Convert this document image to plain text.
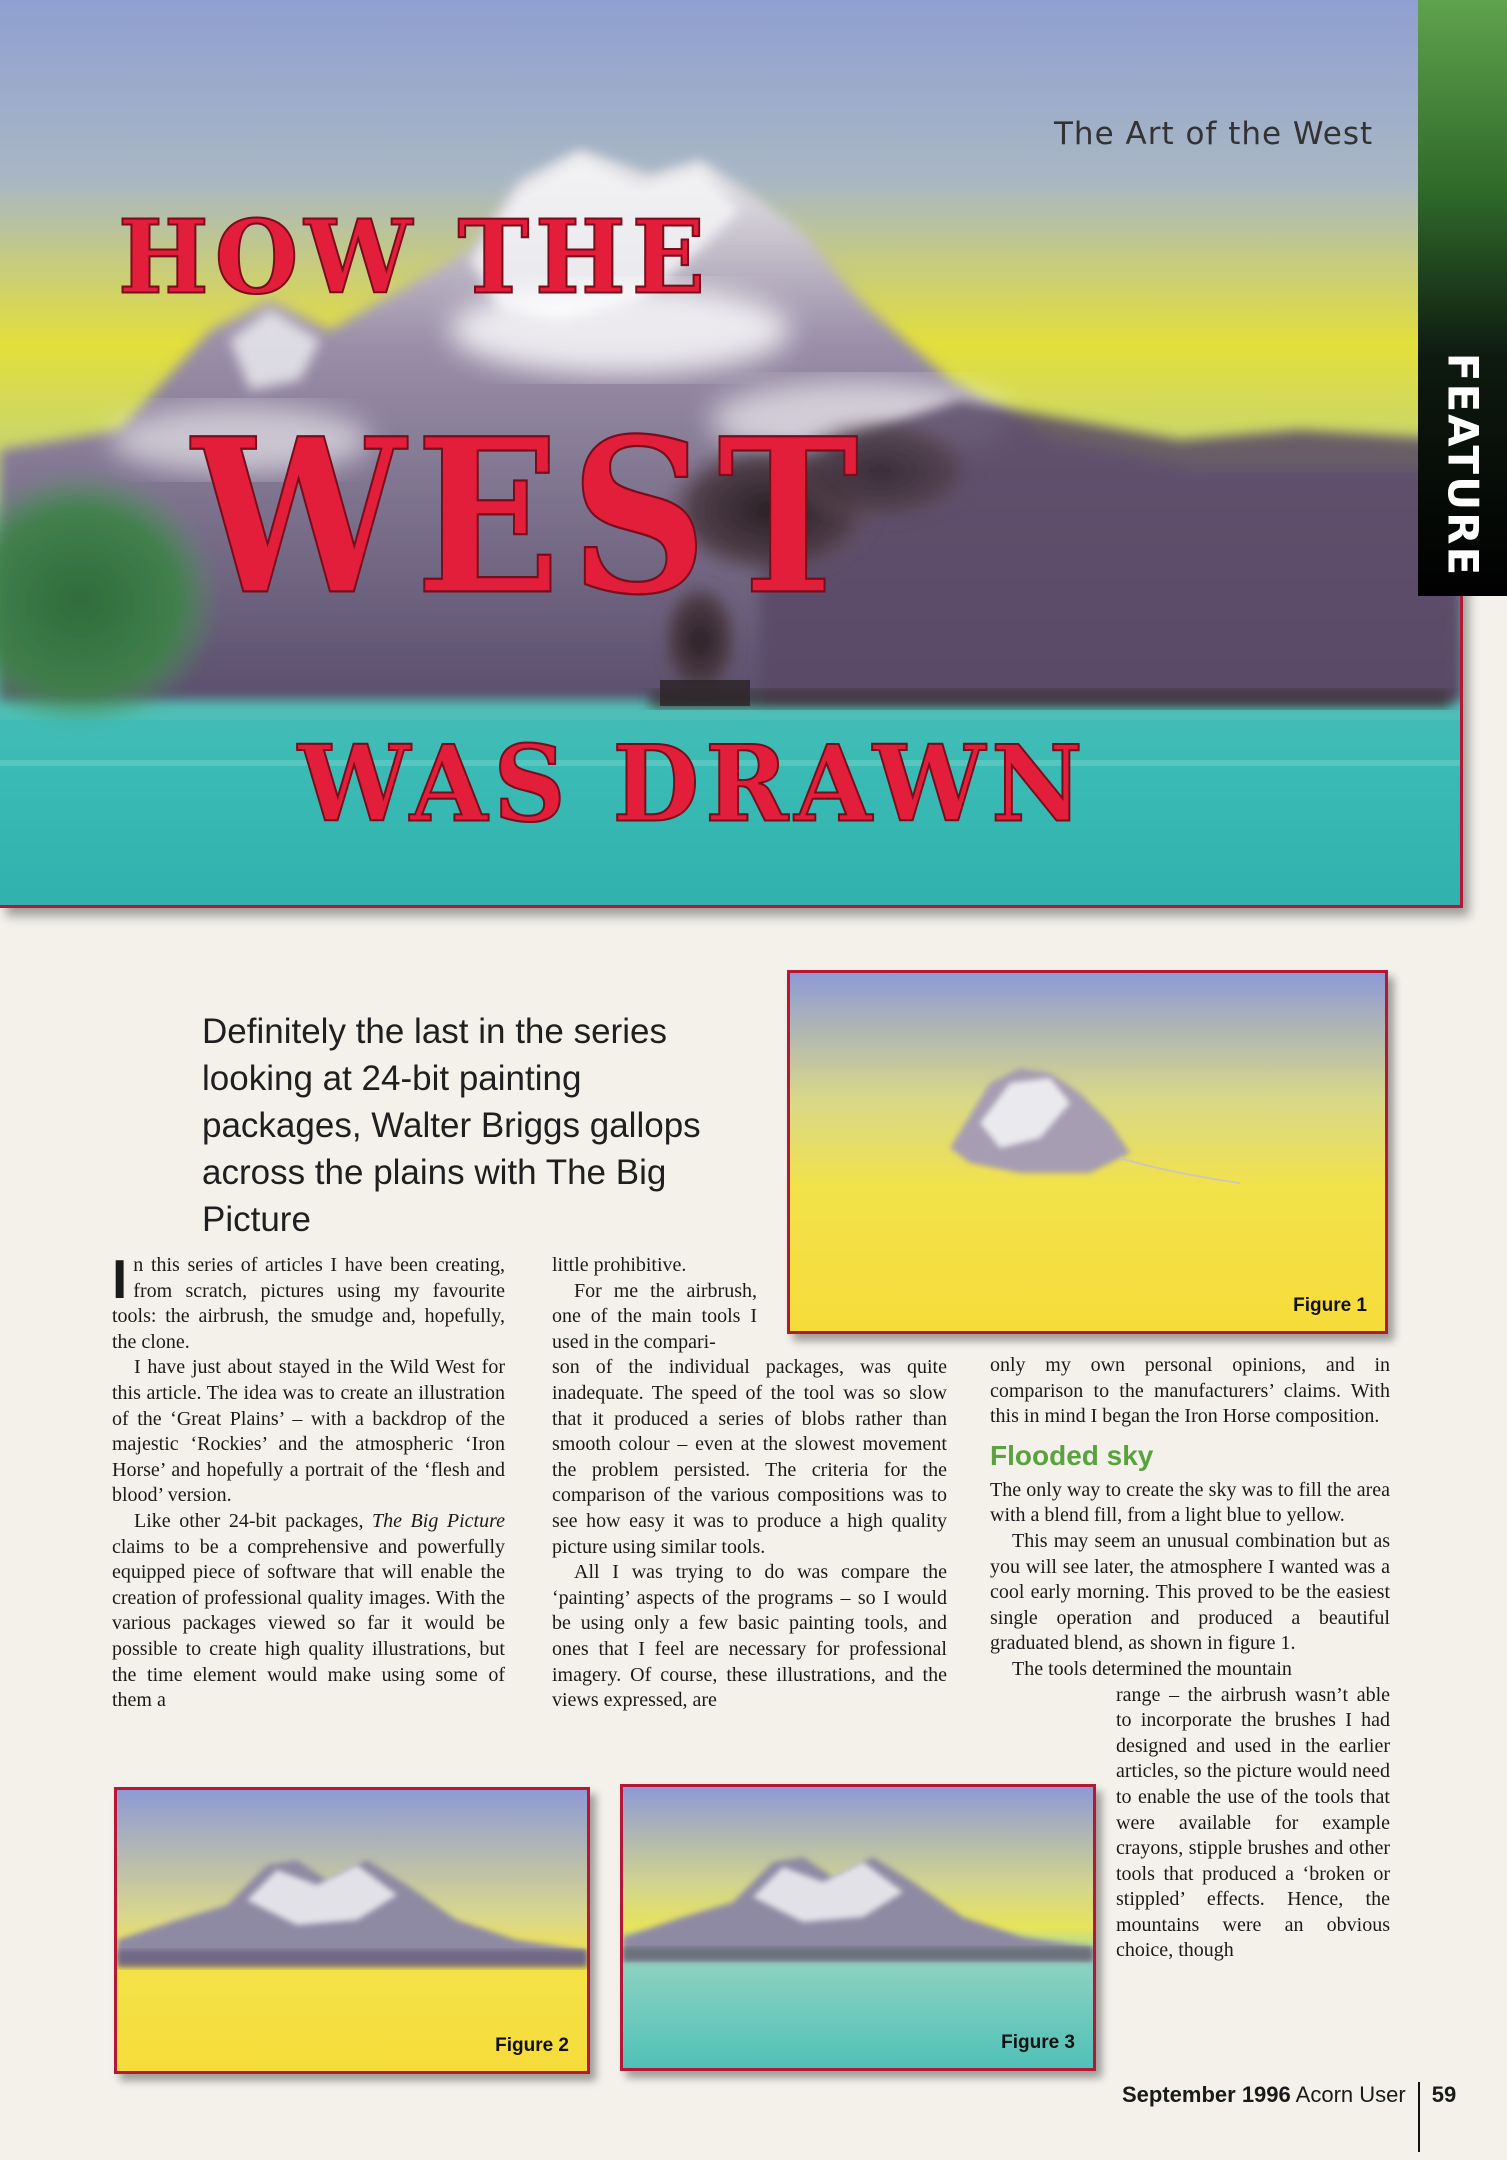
The Art of the West
HOW THE
WEST
WAS DRAWN
FEATURE
Definitely the last in the series looking at 24-bit painting packages, Walter Briggs gallops across the plains with The Big Picture
Figure 1
Figure 2	Figure 3

In this series of articles I have been creating, from scratch, pictures using my favourite tools: the airbrush, the smudge and, hopefully, the clone.

I have just about stayed in the Wild West for this article. The idea was to create an illustration of the ‘Great Plains’ – with a backdrop of the majestic ‘Rockies’ and the atmospheric ‘Iron Horse’ and hopefully a portrait of the ‘flesh and blood’ version.

Like other 24-bit packages, The Big Picture claims to be a comprehensive and powerfully equipped piece of software that will enable the creation of professional quality images. With the various packages viewed so far it would be possible to create high quality illustrations, but the time element would make using some of them a

little prohibitive.

For me the airbrush, one of the main tools I used in the compari-

son of the individual packages, was quite inadequate. The speed of the tool was so slow that it produced a series of blobs rather than smooth colour – even at the slowest movement the problem persisted. The criteria for the comparison of the various compositions was to see how easy it was to produce a high quality picture using similar tools.

All I was trying to do was compare the ‘painting’ aspects of the programs – so I would be using only a few basic painting tools, and ones that I feel are necessary for professional imagery. Of course, these illustrations, and the views expressed, are

only my own personal opinions, and in comparison to the manufacturers’ claims. With this in mind I began the Iron Horse composition.

Flooded sky

The only way to create the sky was to fill the area with a blend fill, from a light blue to yellow.

This may seem an unusual combination but as you will see later, the atmosphere I wanted was a cool early morning. This proved to be the easiest single operation and produced a beautiful graduated blend, as shown in figure 1.

The tools determined the mountain

range – the airbrush wasn’t able to incorporate the brushes I had designed and used in the earlier articles, so the picture would need to enable the use of the tools that were available for example crayons, stipple brushes and other tools that produced a ‘broken or stippled’ effects. Hence, the mountains were an obvious choice, though

September 1996 Acorn User 59
